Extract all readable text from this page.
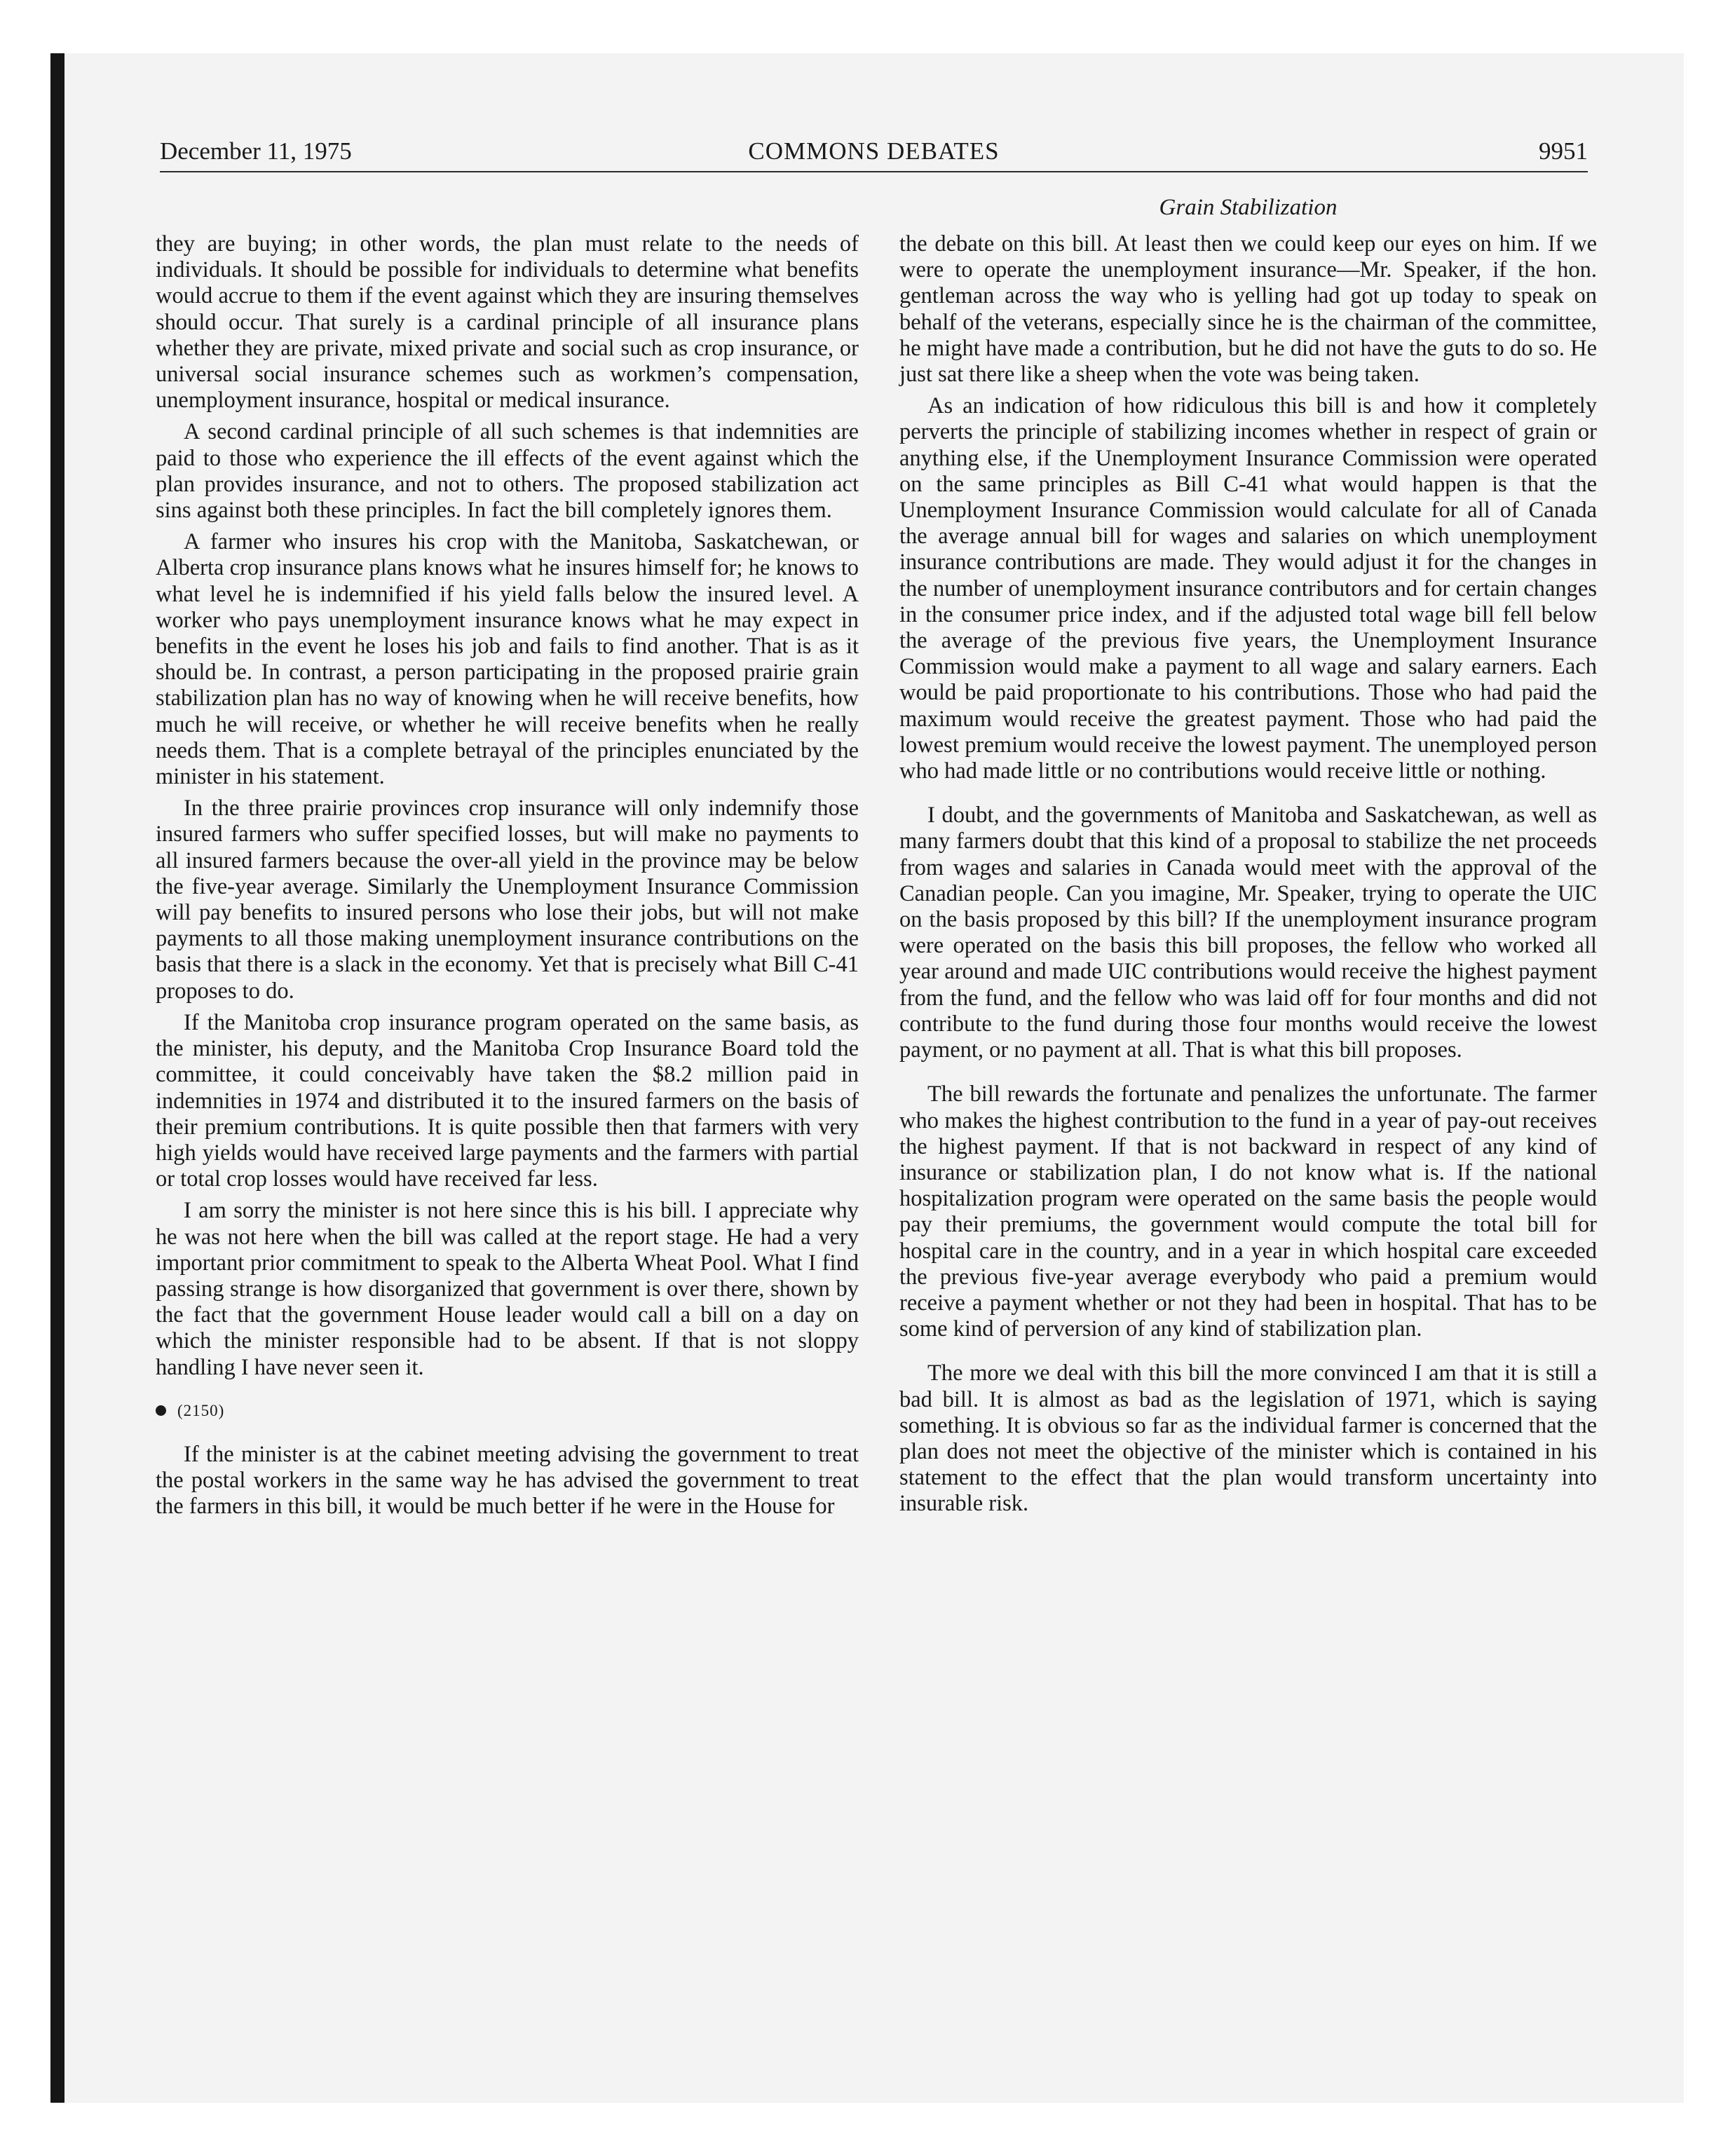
December 11, 1975	COMMONS DEBATES	9951
Grain Stabilization

they are buying; in other words, the plan must relate to the needs of individuals. It should be possible for individuals to determine what benefits would accrue to them if the event against which they are insuring themselves should occur. That surely is a cardinal principle of all insurance plans whether they are private, mixed private and social such as crop insurance, or universal social insurance schemes such as workmen’s compensation, unemployment insurance, hospital or medical insurance.

A second cardinal principle of all such schemes is that indemnities are paid to those who experience the ill effects of the event against which the plan provides insurance, and not to others. The proposed stabilization act sins against both these principles. In fact the bill completely ignores them.

A farmer who insures his crop with the Manitoba, Saskatchewan, or Alberta crop insurance plans knows what he insures himself for; he knows to what level he is indemnified if his yield falls below the insured level. A worker who pays unemployment insurance knows what he may expect in benefits in the event he loses his job and fails to find another. That is as it should be. In contrast, a person participating in the proposed prairie grain stabilization plan has no way of knowing when he will receive benefits, how much he will receive, or whether he will receive benefits when he really needs them. That is a complete betrayal of the principles enunciated by the minister in his statement.

In the three prairie provinces crop insurance will only indemnify those insured farmers who suffer specified losses, but will make no payments to all insured farmers because the over-all yield in the province may be below the five-year average. Similarly the Unemployment Insurance Commission will pay benefits to insured persons who lose their jobs, but will not make payments to all those making unemployment insurance contributions on the basis that there is a slack in the economy. Yet that is precisely what Bill C-41 proposes to do.

If the Manitoba crop insurance program operated on the same basis, as the minister, his deputy, and the Manitoba Crop Insurance Board told the committee, it could conceivably have taken the $8.2 million paid in indemnities in 1974 and distributed it to the insured farmers on the basis of their premium contributions. It is quite possible then that farmers with very high yields would have received large payments and the farmers with partial or total crop losses would have received far less.

I am sorry the minister is not here since this is his bill. I appreciate why he was not here when the bill was called at the report stage. He had a very important prior commitment to speak to the Alberta Wheat Pool. What I find passing strange is how disorganized that government is over there, shown by the fact that the government House leader would call a bill on a day on which the minister responsible had to be absent. If that is not sloppy handling I have never seen it.

(2150)

If the minister is at the cabinet meeting advising the government to treat the postal workers in the same way he has advised the government to treat the farmers in this bill, it would be much better if he were in the House for

the debate on this bill. At least then we could keep our eyes on him. If we were to operate the unemployment insurance—Mr. Speaker, if the hon. gentleman across the way who is yelling had got up today to speak on behalf of the veterans, especially since he is the chairman of the committee, he might have made a contribution, but he did not have the guts to do so. He just sat there like a sheep when the vote was being taken.

As an indication of how ridiculous this bill is and how it completely perverts the principle of stabilizing incomes whether in respect of grain or anything else, if the Unemployment Insurance Commission were operated on the same principles as Bill C-41 what would happen is that the Unemployment Insurance Commission would calculate for all of Canada the average annual bill for wages and salaries on which unemployment insurance contributions are made. They would adjust it for the changes in the number of unemployment insurance contributors and for certain changes in the consumer price index, and if the adjusted total wage bill fell below the average of the previous five years, the Unemployment Insurance Commission would make a payment to all wage and salary earners. Each would be paid proportionate to his contributions. Those who had paid the maximum would receive the greatest payment. Those who had paid the lowest premium would receive the lowest payment. The unemployed person who had made little or no contributions would receive little or nothing.

I doubt, and the governments of Manitoba and Saskatchewan, as well as many farmers doubt that this kind of a proposal to stabilize the net proceeds from wages and salaries in Canada would meet with the approval of the Canadian people. Can you imagine, Mr. Speaker, trying to operate the UIC on the basis proposed by this bill? If the unemployment insurance program were operated on the basis this bill proposes, the fellow who worked all year around and made UIC contributions would receive the highest payment from the fund, and the fellow who was laid off for four months and did not contribute to the fund during those four months would receive the lowest payment, or no payment at all. That is what this bill proposes.

The bill rewards the fortunate and penalizes the unfortunate. The farmer who makes the highest contribution to the fund in a year of pay-out receives the highest payment. If that is not backward in respect of any kind of insurance or stabilization plan, I do not know what is. If the national hospitalization program were operated on the same basis the people would pay their premiums, the government would compute the total bill for hospital care in the country, and in a year in which hospital care exceeded the previous five-year average everybody who paid a premium would receive a payment whether or not they had been in hospital. That has to be some kind of perversion of any kind of stabilization plan.

The more we deal with this bill the more convinced I am that it is still a bad bill. It is almost as bad as the legislation of 1971, which is saying something. It is obvious so far as the individual farmer is concerned that the plan does not meet the objective of the minister which is contained in his statement to the effect that the plan would transform uncertainty into insurable risk.
